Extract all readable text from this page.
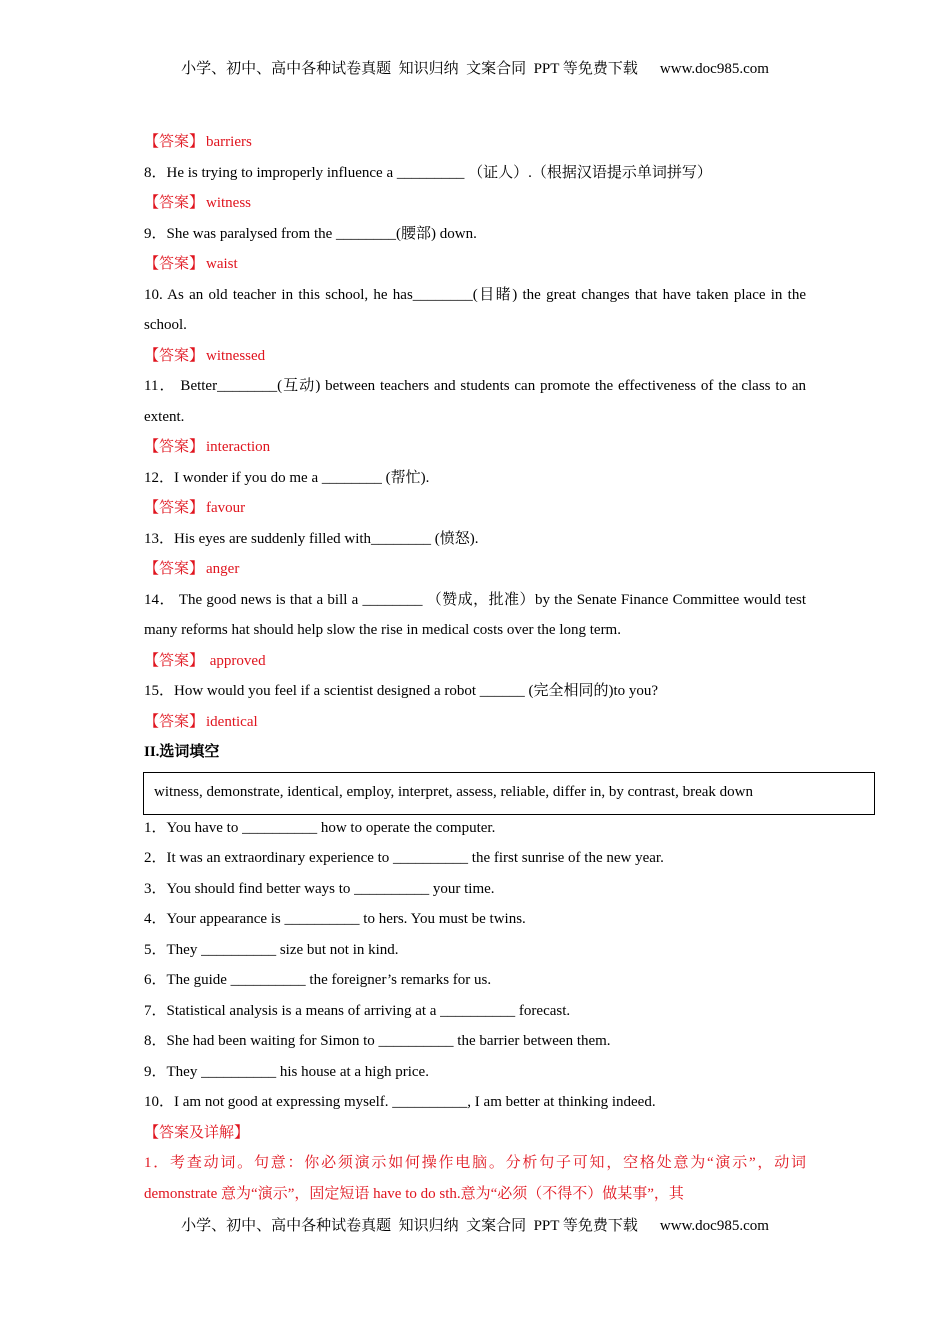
小学、初中、高中各种试卷真题  知识归纳  文案合同  PPT 等免费下载 www.doc985.com
【答案】 barriers
8．He is trying to improperly influence a _________ （证人）.（根据汉语提示单词拼写）
【答案】 witness
9．She was paralysed from the ________(腰部) down.
【答案】 waist
10. As an old teacher in this school, he has________(目睹) the great changes that have taken place in the school.
【答案】 witnessed
11． Better________(互动) between teachers and students can promote the effectiveness of the class to an extent.
【答案】 interaction
12．I wonder if you do me a ________ (帮忙).
【答案】 favour
13．His eyes are suddenly filled with________ (愤怒).
【答案】 anger
14． The good news is that a bill a ________ （赞成，批准）by the Senate Finance Committee would test many reforms hat should help slow the rise in medical costs over the long term.
【答案】 approved
15．How would you feel if a scientist designed a robot ______ (完全相同的)to you?
【答案】 identical
II.选词填空
witness, demonstrate, identical, employ, interpret, assess, reliable, differ in, by contrast, break down
1．You have to __________ how to operate the computer.
2．It was an extraordinary experience to __________ the first sunrise of the new year.
3．You should find better ways to __________ your time.
4．Your appearance is __________ to hers. You must be twins.
5．They __________ size but not in kind.
6．The guide __________ the foreigner’s remarks for us.
7．Statistical analysis is a means of arriving at a __________ forecast.
8．She had been waiting for Simon to __________ the barrier between them.
9．They __________ his house at a high price.
10．I am not good at expressing myself. __________, I am better at thinking indeed.
【答案及详解】
1．考查动词。句意：你必须演示如何操作电脑。分析句子可知，空格处意为“演示”，动词 demonstrate 意为“演示”，固定短语 have to do sth.意为“必须（不得不）做某事”，其
小学、初中、高中各种试卷真题  知识归纳  文案合同  PPT 等免费下载 www.doc985.com
